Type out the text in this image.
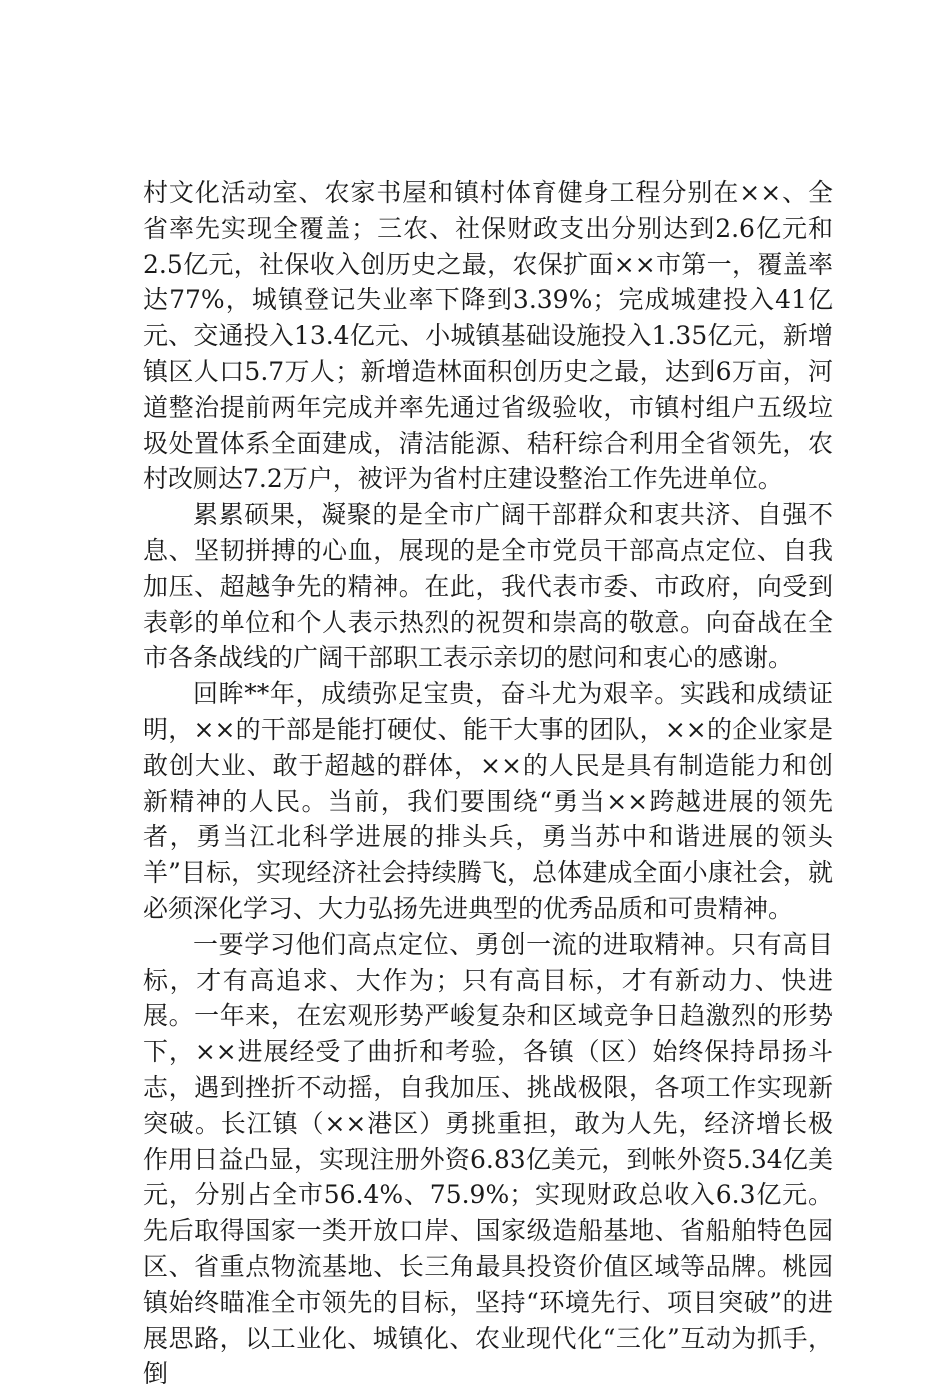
村文化活动室、农家书屋和镇村体育健身工程分别在××、全省率先实现全覆盖；三农、社保财政支出分别达到2.6亿元和2.5亿元，社保收入创历史之最，农保扩面××市第一，覆盖率达77%，城镇登记失业率下降到3.39%；完成城建投入41亿元、交通投入13.4亿元、小城镇基础设施投入1.35亿元，新增镇区人口5.7万人；新增造林面积创历史之最，达到6万亩，河道整治提前两年完成并率先通过省级验收，市镇村组户五级垃圾处置体系全面建成，清洁能源、秸秆综合利用全省领先，农村改厕达7.2万户，被评为省村庄建设整治工作先进单位。

累累硕果，凝聚的是全市广阔干部群众和衷共济、自强不息、坚韧拼搏的心血，展现的是全市党员干部高点定位、自我加压、超越争先的精神。在此，我代表市委、市政府，向受到表彰的单位和个人表示热烈的祝贺和崇高的敬意。向奋战在全市各条战线的广阔干部职工表示亲切的慰问和衷心的感谢。

回眸**年，成绩弥足宝贵，奋斗尤为艰辛。实践和成绩证明，××的干部是能打硬仗、能干大事的团队，××的企业家是敢创大业、敢于超越的群体，××的人民是具有制造能力和创新精神的人民。当前，我们要围绕“勇当××跨越进展的领先者，勇当江北科学进展的排头兵，勇当苏中和谐进展的领头羊”目标，实现经济社会持续腾飞，总体建成全面小康社会，就必须深化学习、大力弘扬先进典型的优秀品质和可贵精神。

一要学习他们高点定位、勇创一流的进取精神。只有高目标，才有高追求、大作为；只有高目标，才有新动力、快进展。一年来，在宏观形势严峻复杂和区域竞争日趋激烈的形势下，××进展经受了曲折和考验，各镇（区）始终保持昂扬斗志，遇到挫折不动摇，自我加压、挑战极限，各项工作实现新突破。长江镇（××港区）勇挑重担，敢为人先，经济增长极作用日益凸显，实现注册外资6.83亿美元，到帐外资5.34亿美元，分别占全市56.4%、75.9%；实现财政总收入6.3亿元。先后取得国家一类开放口岸、国家级造船基地、省船舶特色园区、省重点物流基地、长三角最具投资价值区域等品牌。桃园镇始终瞄准全市领先的目标，坚持“环境先行、项目突破”的进展思路，以工业化、城镇化、农业现代化“三化”互动为抓手，倒
